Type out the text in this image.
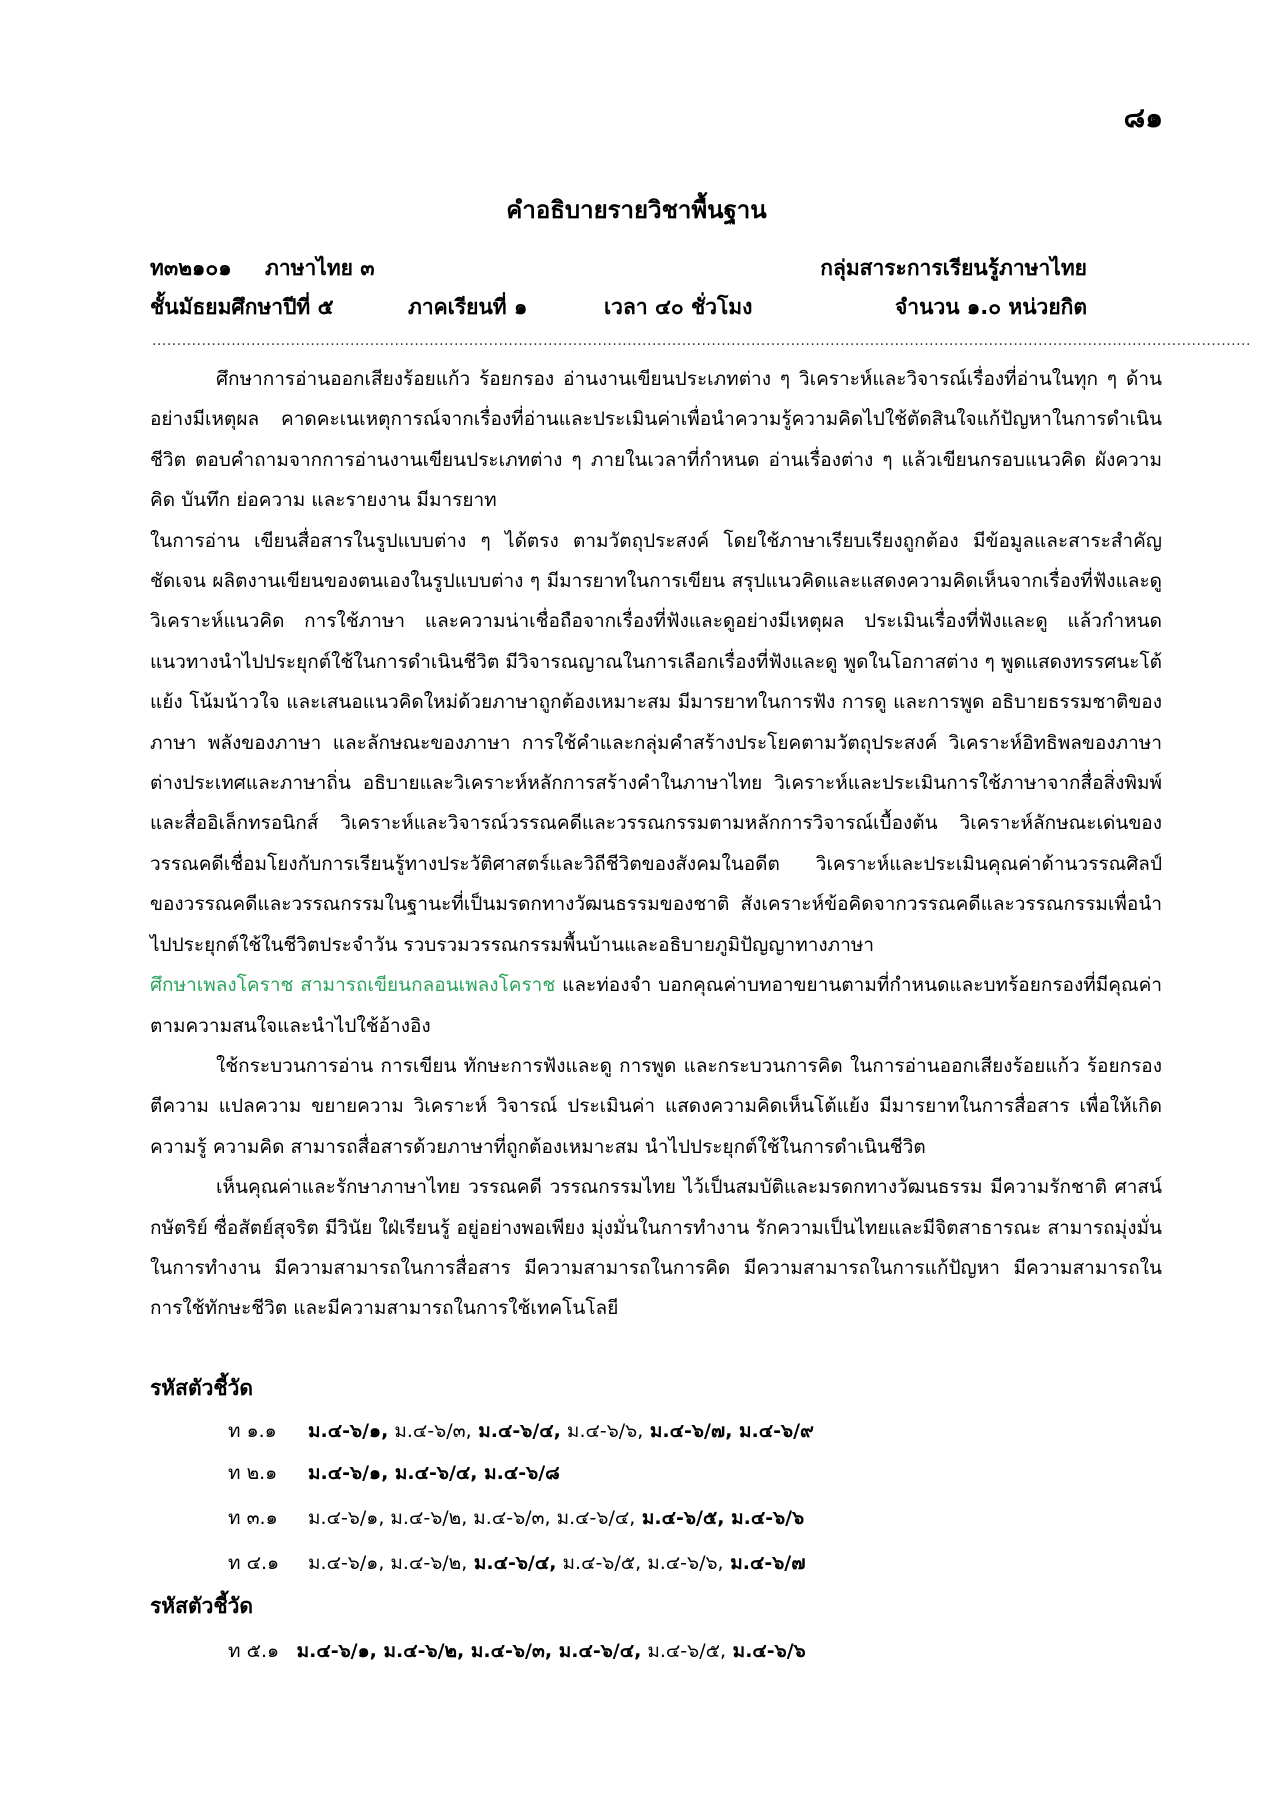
๘๑
คำอธิบายรายวิชาพื้นฐาน
ท๓๒๑๐๑ ภาษาไทย ๓	กลุ่มสาระการเรียนรู้ภาษาไทย
ชั้นมัธยมศึกษาปีที่ ๕	ภาคเรียนที่ ๑	เวลา ๔๐ ชั่วโมง	จำนวน ๑.๐ หน่วยกิต
..............................................................................................................................................................................................................................

ศึกษาการอ่านออกเสียงร้อยแก้ว ร้อยกรอง อ่านงานเขียนประเภทต่าง ๆ วิเคราะห์และวิจารณ์เรื่องที่อ่านในทุก ๆ ด้านอย่างมีเหตุผล คาดคะเนเหตุการณ์จากเรื่องที่อ่านและประเมินค่าเพื่อนำความรู้ความคิดไปใช้ตัดสินใจแก้ปัญหาในการดำเนินชีวิต ตอบคำถามจากการอ่านงานเขียนประเภทต่าง ๆ ภายในเวลาที่กำหนด อ่านเรื่องต่าง ๆ แล้วเขียนกรอบแนวคิด ผังความคิด บันทึก ย่อความ และรายงาน มีมารยาท

ในการอ่าน เขียนสื่อสารในรูปแบบต่าง ๆ ได้ตรง ตามวัตถุประสงค์ โดยใช้ภาษาเรียบเรียงถูกต้อง มีข้อมูลและสาระสำคัญชัดเจน ผลิตงานเขียนของตนเองในรูปแบบต่าง ๆ มีมารยาทในการเขียน สรุปแนวคิดและแสดงความคิดเห็นจากเรื่องที่ฟังและดู วิเคราะห์แนวคิด การใช้ภาษา และความน่าเชื่อถือจากเรื่องที่ฟังและดูอย่างมีเหตุผล ประเมินเรื่องที่ฟังและดู แล้วกำหนด แนวทางนำไปประยุกต์ใช้ในการดำเนินชีวิต มีวิจารณญาณในการเลือกเรื่องที่ฟังและดู พูดในโอกาสต่าง ๆ พูดแสดงทรรศนะโต้แย้ง โน้มน้าวใจ และเสนอแนวคิดใหม่ด้วยภาษาถูกต้องเหมาะสม มีมารยาทในการฟัง การดู และการพูด อธิบายธรรมชาติของภาษา พลังของภาษา และลักษณะของภาษา การใช้คำและกลุ่มคำสร้างประโยคตามวัตถุประสงค์ วิเคราะห์อิทธิพลของภาษาต่างประเทศและภาษาถิ่น อธิบายและวิเคราะห์หลักการสร้างคำในภาษาไทย วิเคราะห์และประเมินการใช้ภาษาจากสื่อสิ่งพิมพ์และสื่ออิเล็กทรอนิกส์ วิเคราะห์และวิจารณ์วรรณคดีและวรรณกรรมตามหลักการวิจารณ์เบื้องต้น วิเคราะห์ลักษณะเด่นของวรรณคดีเชื่อมโยงกับการเรียนรู้ทางประวัติศาสตร์และวิถีชีวิตของสังคมในอดีต วิเคราะห์และประเมินคุณค่าด้านวรรณศิลป์ของวรรณคดีและวรรณกรรมในฐานะที่เป็นมรดกทางวัฒนธรรมของชาติ สังเคราะห์ข้อคิดจากวรรณคดีและวรรณกรรมเพื่อนำไปประยุกต์ใช้ในชีวิตประจำวัน รวบรวมวรรณกรรมพื้นบ้านและอธิบายภูมิปัญญาทางภาษา
ศึกษาเพลงโคราช สามารถเขียนกลอนเพลงโคราช และท่องจำ บอกคุณค่าบทอาขยานตามที่กำหนดและบทร้อยกรองที่มีคุณค่าตามความสนใจและนำไปใช้อ้างอิง

ใช้กระบวนการอ่าน การเขียน ทักษะการฟังและดู การพูด และกระบวนการคิด ในการอ่านออกเสียงร้อยแก้ว ร้อยกรอง ตีความ แปลความ ขยายความ วิเคราะห์ วิจารณ์ ประเมินค่า แสดงความคิดเห็นโต้แย้ง มีมารยาทในการสื่อสาร เพื่อให้เกิดความรู้ ความคิด สามารถสื่อสารด้วยภาษาที่ถูกต้องเหมาะสม นำไปประยุกต์ใช้ในการดำเนินชีวิต

เห็นคุณค่าและรักษาภาษาไทย วรรณคดี วรรณกรรมไทย ไว้เป็นสมบัติและมรดกทางวัฒนธรรม มีความรักชาติ ศาสน์ กษัตริย์ ซื่อสัตย์สุจริต มีวินัย ใฝ่เรียนรู้ อยู่อย่างพอเพียง มุ่งมั่นในการทำงาน รักความเป็นไทยและมีจิตสาธารณะ สามารถมุ่งมั่นในการทำงาน มีความสามารถในการสื่อสาร มีความสามารถในการคิด มีความสามารถในการแก้ปัญหา มีความสามารถในการใช้ทักษะชีวิต และมีความสามารถในการใช้เทคโนโลยี

รหัสตัวชี้วัด
ท ๑.๑ ม.๔-๖/๑, ม.๔-๖/๓, ม.๔-๖/๔, ม.๔-๖/๖, ม.๔-๖/๗, ม.๔-๖/๙
ท ๒.๑ ม.๔-๖/๑, ม.๔-๖/๔, ม.๔-๖/๘
ท ๓.๑ ม.๔-๖/๑, ม.๔-๖/๒, ม.๔-๖/๓, ม.๔-๖/๔, ม.๔-๖/๕, ม.๔-๖/๖
ท ๔.๑ ม.๔-๖/๑, ม.๔-๖/๒, ม.๔-๖/๔, ม.๔-๖/๕, ม.๔-๖/๖, ม.๔-๖/๗
รหัสตัวชี้วัด
ท ๕.๑ ม.๔-๖/๑, ม.๔-๖/๒, ม.๔-๖/๓, ม.๔-๖/๔, ม.๔-๖/๕, ม.๔-๖/๖
